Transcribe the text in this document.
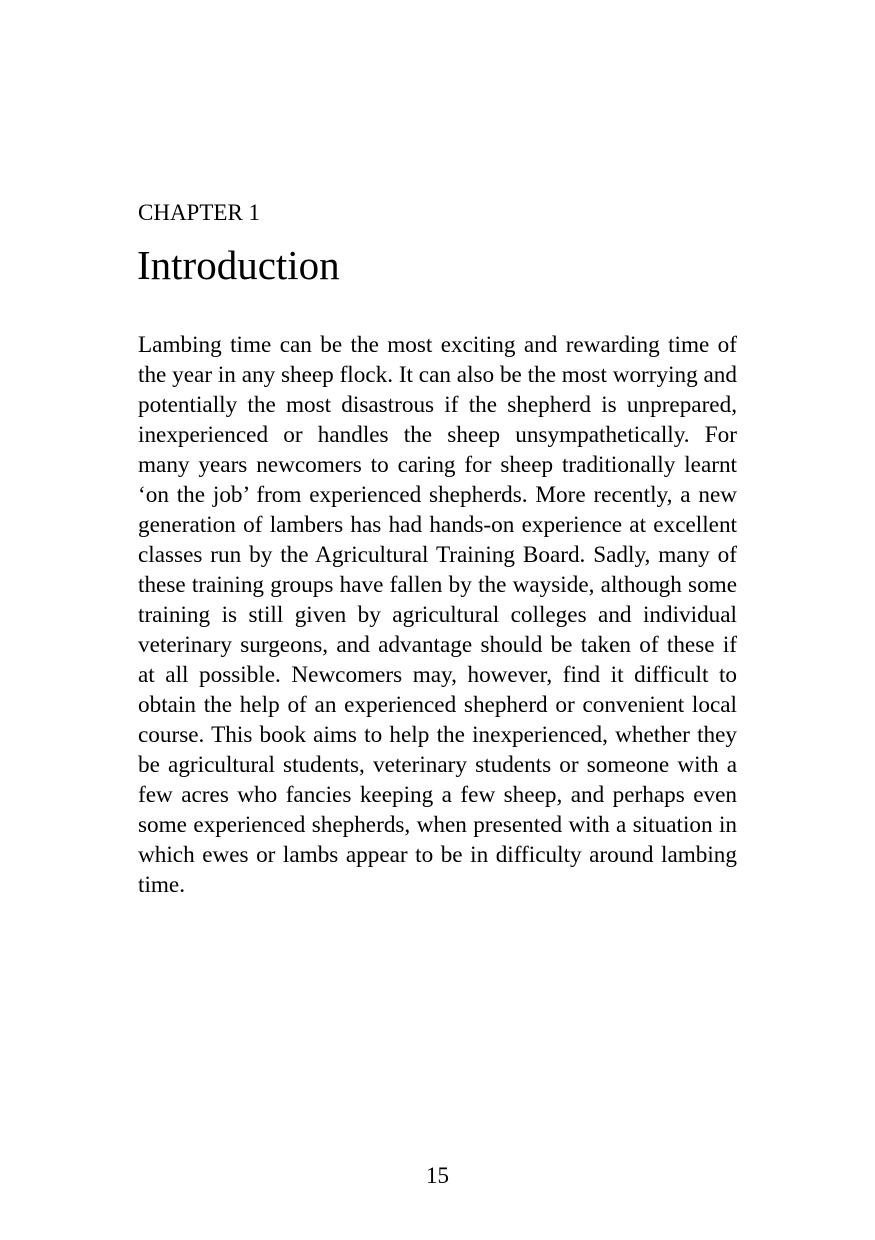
CHAPTER 1

Introduction

Lambing time can be the most exciting and rewarding time of the year in any sheep flock. It can also be the most worrying and potentially the most disastrous if the shepherd is unprepared, inexperienced or handles the sheep unsympathetically. For many years newcomers to caring for sheep traditionally learnt ‘on the job’ from experienced shepherds. More recently, a new generation of lambers has had hands-on experience at excellent classes run by the Agricultural Training Board. Sadly, many of these training groups have fallen by the wayside, although some training is still given by agricultural colleges and individual veterinary surgeons, and advantage should be taken of these if at all possible. Newcomers may, however, find it difficult to obtain the help of an experienced shepherd or convenient local course. This book aims to help the inexperienced, whether they be agricultural students, veterinary students or someone with a few acres who fancies keeping a few sheep, and perhaps even some experienced shepherds, when presented with a situation in which ewes or lambs appear to be in difficulty around lambing time.

15
